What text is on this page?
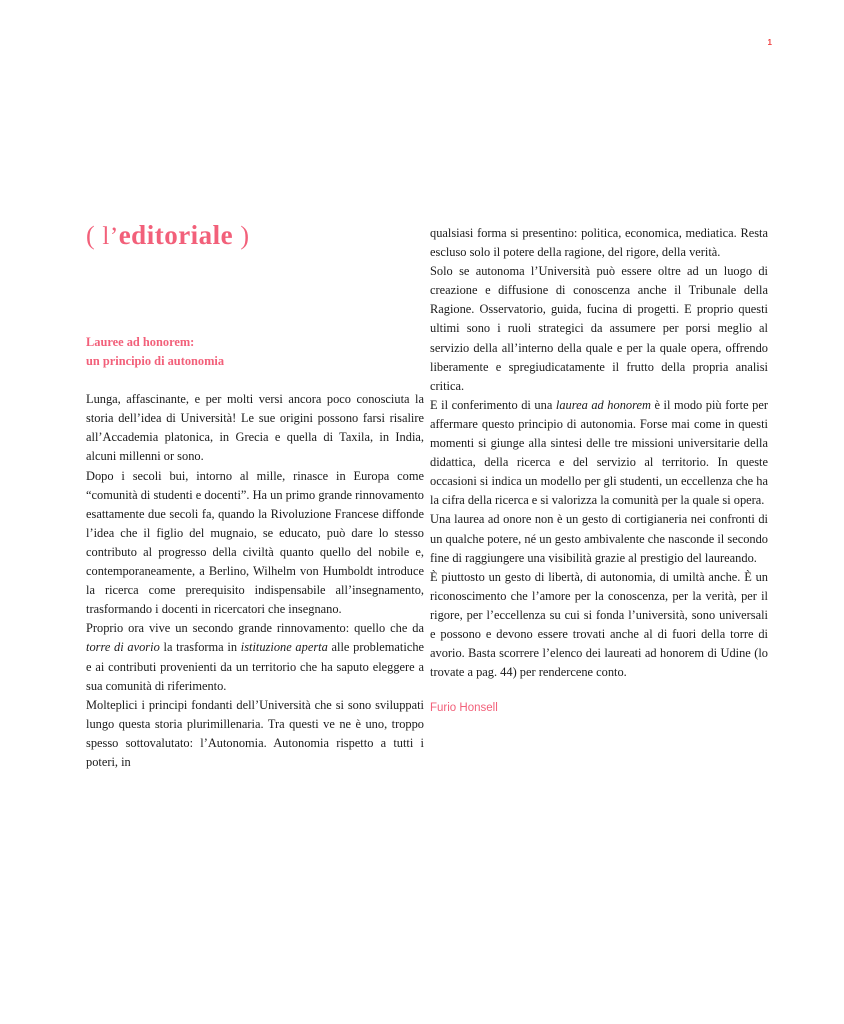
1
( l’editoriale )
Lauree ad honorem:
un principio di autonomia

Lunga, affascinante, e per molti versi ancora poco conosciuta la storia dell’idea di Università! Le sue origini possono farsi risalire all’Accademia platonica, in Grecia e quella di Taxila, in India, alcuni millenni or sono.

Dopo i secoli bui, intorno al mille, rinasce in Europa come “comunità di studenti e docenti”. Ha un primo grande rinnovamento esattamente due secoli fa, quando la Rivoluzione Francese diffonde l’idea che il figlio del mugnaio, se educato, può dare lo stesso contributo al progresso della civiltà quanto quello del nobile e, contemporaneamente, a Berlino, Wilhelm von Humboldt introduce la ricerca come prerequisito indispensabile all’insegnamento, trasformando i docenti in ricercatori che insegnano.

Proprio ora vive un secondo grande rinnovamento: quello che da torre di avorio la trasforma in istituzione aperta alle problematiche e ai contributi provenienti da un territorio che ha saputo eleggere a sua comunità di riferimento.

Molteplici i principi fondanti dell’Università che si sono sviluppati lungo questa storia plurimillenaria. Tra questi ve ne è uno, troppo spesso sottovalutato: l’Autonomia. Autonomia rispetto a tutti i poteri, in

qualsiasi forma si presentino: politica, economica, mediatica. Resta escluso solo il potere della ragione, del rigore, della verità.

Solo se autonoma l’Università può essere oltre ad un luogo di creazione e diffusione di conoscenza anche il Tribunale della Ragione. Osservatorio, guida, fucina di progetti. E proprio questi ultimi sono i ruoli strategici da assumere per porsi meglio al servizio della all’interno della quale e per la quale opera, offrendo liberamente e spregiudicatamente il frutto della propria analisi critica.

E il conferimento di una laurea ad honorem è il modo più forte per affermare questo principio di autonomia. Forse mai come in questi momenti si giunge alla sintesi delle tre missioni universitarie della didattica, della ricerca e del servizio al territorio. In queste occasioni si indica un modello per gli studenti, un eccellenza che ha la cifra della ricerca e si valorizza la comunità per la quale si opera.

Una laurea ad onore non è un gesto di cortigianeria nei confronti di un qualche potere, né un gesto ambivalente che nasconde il secondo fine di raggiungere una visibilità grazie al prestigio del laureando.

È piuttosto un gesto di libertà, di autonomia, di umiltà anche. È un riconoscimento che l’amore per la conoscenza, per la verità, per il rigore, per l’eccellenza su cui si fonda l’università, sono universali e possono e devono essere trovati anche al di fuori della torre di avorio. Basta scorrere l’elenco dei laureati ad honorem di Udine (lo trovate a pag. 44) per rendercene conto.

Furio Honsell
